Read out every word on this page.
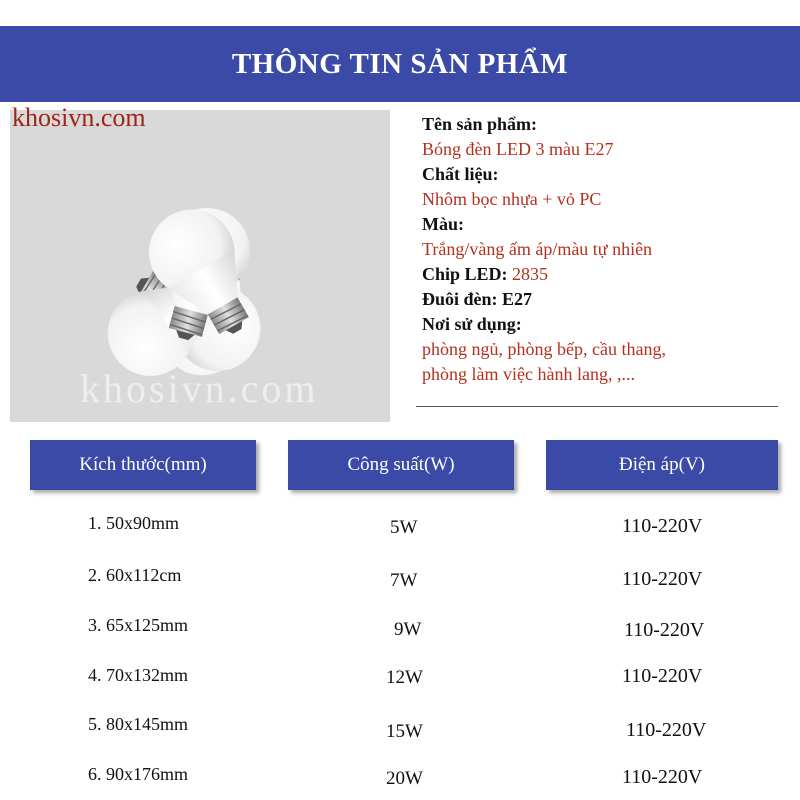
THÔNG TIN SẢN PHẨM
khosivn.com
khosivn.com	Tên sản phẩm:
Bóng đèn LED 3 màu E27
Chất liệu:
Nhôm bọc nhựa + vỏ PC
Màu:
Trắng/vàng ấm áp/màu tự nhiên
Chip LED: 2835
Đuôi đèn: E27
Nơi sử dụng:
phòng ngủ, phòng bếp, cầu thang,
phòng làm việc hành lang, ,...
Kích thước(mm)	Công suất(W)	Điện áp(V)
1. 50x90mm	5W	110-220V
2. 60x112cm	7W	110-220V
3. 65x125mm	9W	110-220V
4. 70x132mm	12W	110-220V
5. 80x145mm	15W	110-220V
6. 90x176mm	20W	110-220V
